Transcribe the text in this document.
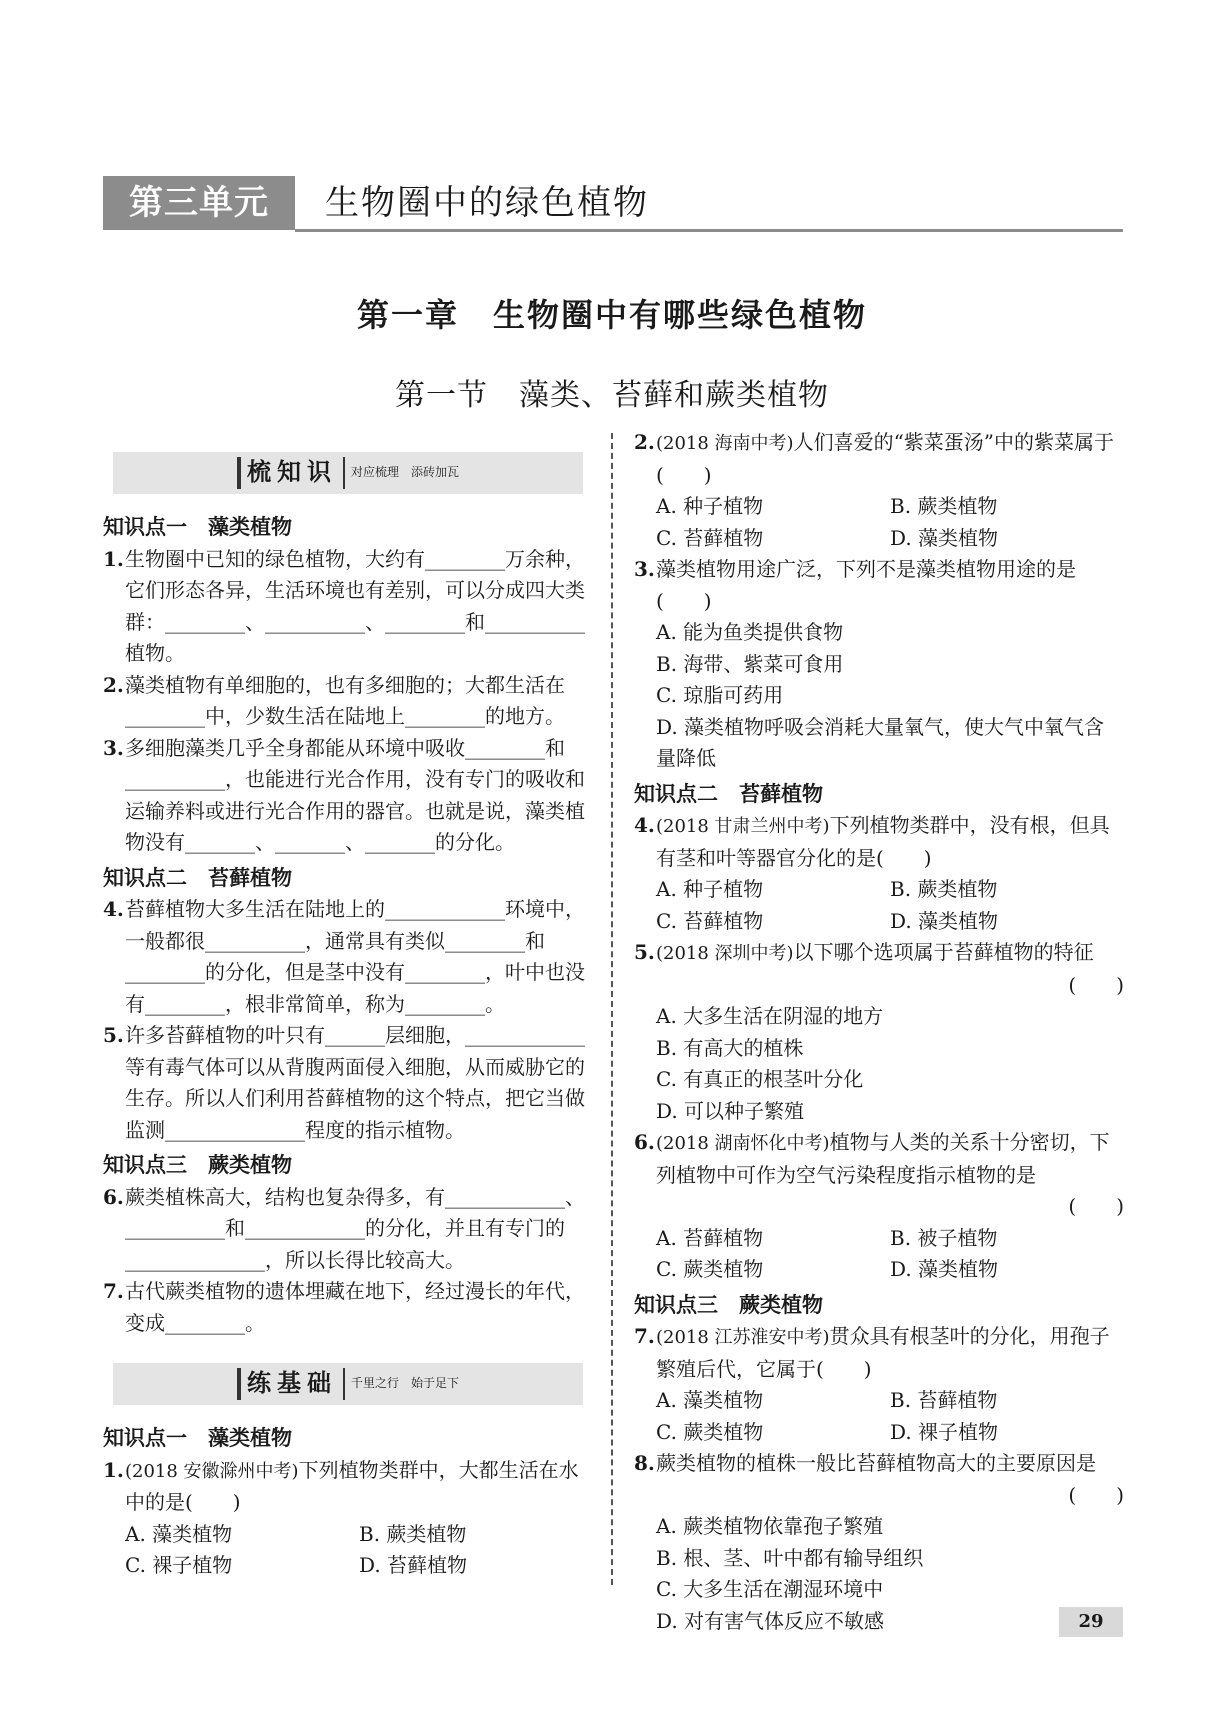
第三单元	生物圈中的绿色植物
第一章　生物圈中有哪些绿色植物
第一节　藻类、苔藓和蕨类植物
梳知识	对应梳理　添砖加瓦
知识点一　藻类植物
1. 生物圈中已知的绿色植物，大约有________万余种，它们形态各异，生活环境也有差别，可以分成四大类群：________、__________、________和__________植物。
2. 藻类植物有单细胞的，也有多细胞的；大都生活在________中，少数生活在陆地上________的地方。
3. 多细胞藻类几乎全身都能从环境中吸收________和__________，也能进行光合作用，没有专门的吸收和运输养料或进行光合作用的器官。也就是说，藻类植物没有_______、_______、_______的分化。
知识点二　苔藓植物
4. 苔藓植物大多生活在陆地上的____________环境中，一般都很__________，通常具有类似________和________的分化，但是茎中没有________，叶中也没有________，根非常简单，称为________。
5. 许多苔藓植物的叶只有______层细胞，____________等有毒气体可以从背腹两面侵入细胞，从而威胁它的生存。所以人们利用苔藓植物的这个特点，把它当做监测______________程度的指示植物。
知识点三　蕨类植物
6. 蕨类植株高大，结构也复杂得多，有____________、__________和____________的分化，并且有专门的______________，所以长得比较高大。
7. 古代蕨类植物的遗体埋藏在地下，经过漫长的年代，变成________。
练基础	千里之行　始于足下
知识点一　藻类植物
1. (2018 安徽滁州中考)下列植物类群中，大都生活在水中的是(　　)
A. 藻类植物	B. 蕨类植物
C. 裸子植物	D. 苔藓植物
2. (2018 海南中考)人们喜爱的“紫菜蛋汤”中的紫菜属于(　　)
A. 种子植物	B. 蕨类植物
C. 苔藓植物	D. 藻类植物
3. 藻类植物用途广泛，下列不是藻类植物用途的是(　　)
A. 能为鱼类提供食物
B. 海带、紫菜可食用
C. 琼脂可药用
D. 藻类植物呼吸会消耗大量氧气，使大气中氧气含量降低
知识点二　苔藓植物
4. (2018 甘肃兰州中考)下列植物类群中，没有根，但具有茎和叶等器官分化的是(　　)
A. 种子植物	B. 蕨类植物
C. 苔藓植物	D. 藻类植物
5. (2018 深圳中考)以下哪个选项属于苔藓植物的特征
(　　)
A. 大多生活在阴湿的地方
B. 有高大的植株
C. 有真正的根茎叶分化
D. 可以种子繁殖
6. (2018 湖南怀化中考)植物与人类的关系十分密切，下列植物中可作为空气污染程度指示植物的是
(　　)
A. 苔藓植物	B. 被子植物
C. 蕨类植物	D. 藻类植物
知识点三　蕨类植物
7. (2018 江苏淮安中考)贯众具有根茎叶的分化，用孢子繁殖后代，它属于(　　)
A. 藻类植物	B. 苔藓植物
C. 蕨类植物	D. 裸子植物
8. 蕨类植物的植株一般比苔藓植物高大的主要原因是
(　　)
A. 蕨类植物依靠孢子繁殖
B. 根、茎、叶中都有输导组织
C. 大多生活在潮湿环境中
D. 对有害气体反应不敏感	29
